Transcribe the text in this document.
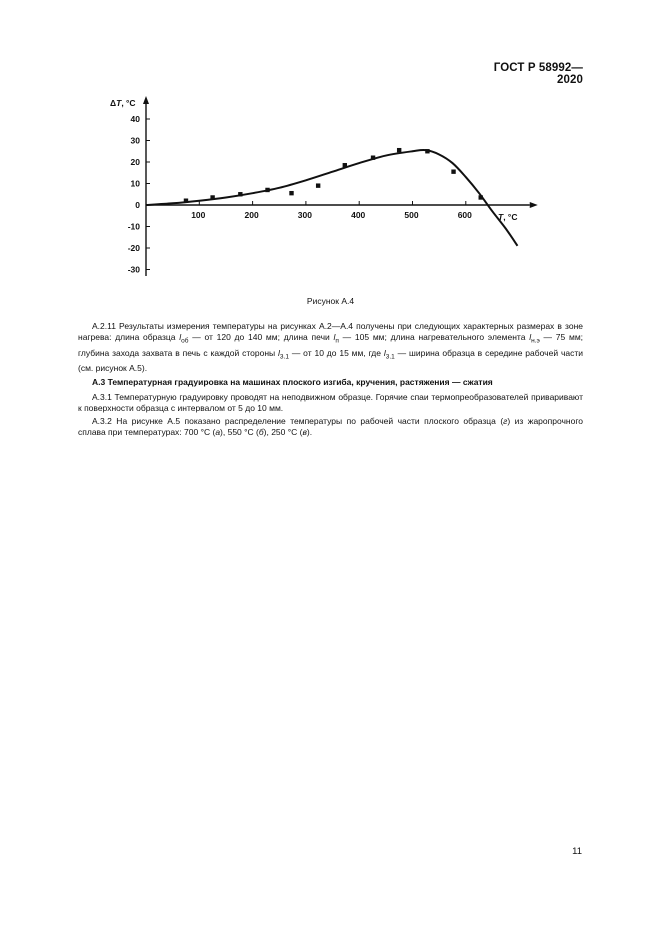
ГОСТ Р 58992—2020
40
30
20
10
0
-10
-20
-30
100	200	300	400	500	600
ΔT, °C
T, °C
Рисунок А.4

А.2.11 Результаты измерения температуры на рисунках А.2—А.4 получены при следующих характерных размерах в зоне нагрева: длина образца $l_{об}$ — от 120 до 140 мм; длина печи $l_п$ — 105 мм; длина нагревательного элемента $l_{н.э}$ — 75 мм; глубина захода захвата в печь с каждой стороны $l_{3.1}$ — от 10 до 15 мм, где $l_{3.1}$ — ширина образца в середине рабочей части (см. рисунок А.5).

А.3 Температурная градуировка на машинах плоского изгиба, кручения, растяжения — сжатия

А.3.1 Температурную градуировку проводят на неподвижном образце. Горячие спаи термопреобразователей приваривают к поверхности образца с интервалом от 5 до 10 мм.

А.3.2 На рисунке А.5 показано распределение температуры по рабочей части плоского образца (г) из жаропрочного сплава при температурах: 700 °С (а), 550 °С (б), 250 °С (в).

11
